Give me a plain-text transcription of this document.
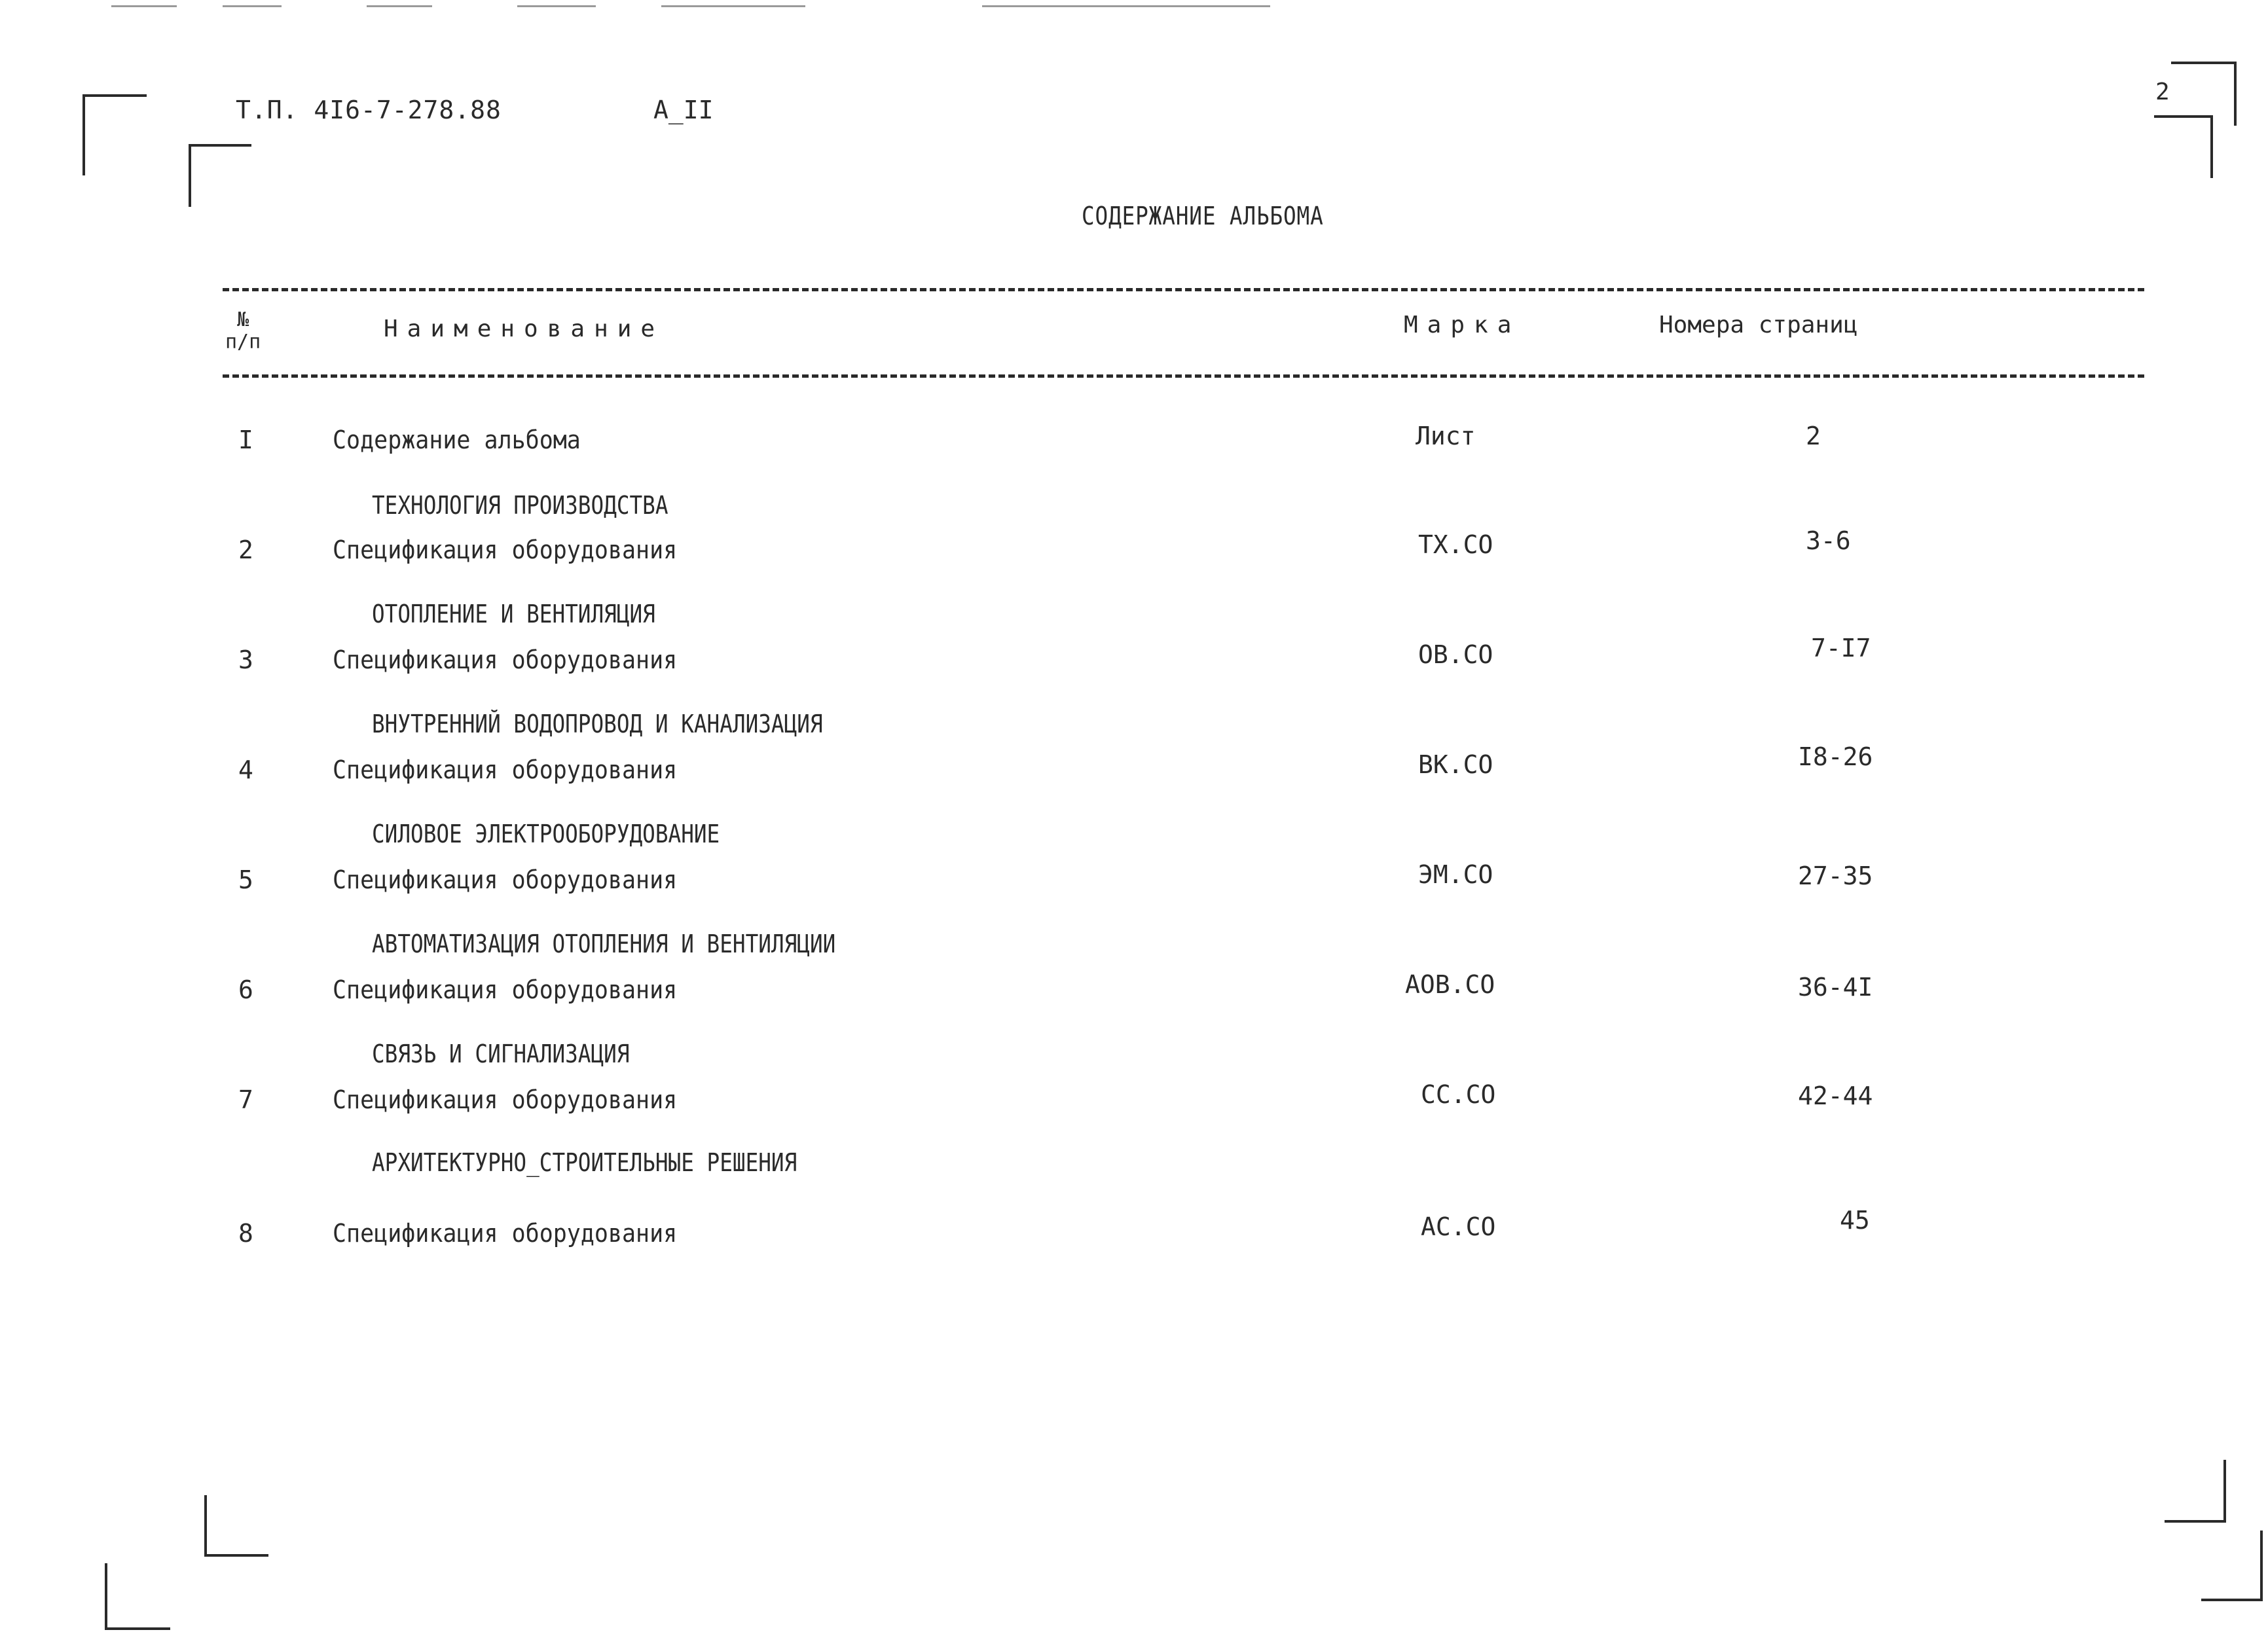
Т.П. 4I6-7-278.88	А_II
2
СОДЕРЖАНИЕ АЛЬБОМА
№
п/п	Наименование	Марка	Номера страниц
I	Содержание альбома	Лист	2
ТЕХНОЛОГИЯ ПРОИЗВОДСТВА
2	Спецификация оборудования	ТХ.СО	3-6
ОТОПЛЕНИЕ И ВЕНТИЛЯЦИЯ
3	Спецификация оборудования	ОВ.СО	7-I7
ВНУТРЕННИЙ ВОДОПРОВОД И КАНАЛИЗАЦИЯ
4	Спецификация оборудования	ВК.СО	I8-26
СИЛОВОЕ ЭЛЕКТРООБОРУДОВАНИЕ
5	Спецификация оборудования	ЭМ.СО	27-35
АВТОМАТИЗАЦИЯ ОТОПЛЕНИЯ И ВЕНТИЛЯЦИИ
6	Спецификация оборудования	АОВ.СО	36-4I
СВЯЗЬ И СИГНАЛИЗАЦИЯ
7	Спецификация оборудования	СС.СО	42-44
АРХИТЕКТУРНО_СТРОИТЕЛЬНЫЕ РЕШЕНИЯ
8	Спецификация оборудования	АС.СО	45
